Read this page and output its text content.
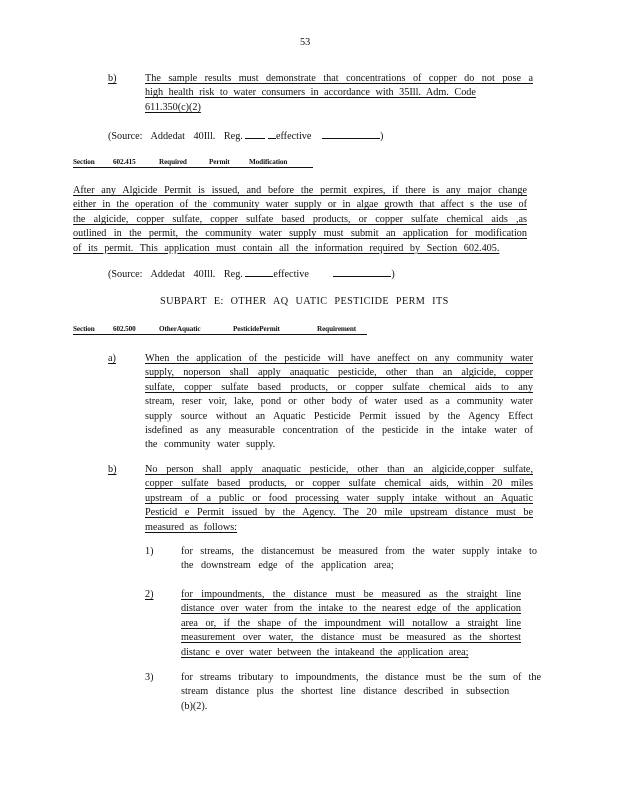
53
b)	The sample results must demonstrate that concentrations of copper do not pose a
high health risk to water consumers in accordance with 35Ill. Adm. Code
611.350(c)(2)
(Source: Addedat 40Ill. Reg.	effective	)
Section	602.415	Required	Permit	Modification
After any Algicide Permit is issued, and before the permit expires, if there is any major change
either in the operation of the community water supply or in algae growth that affect s the use of
the algicide, copper sulfate, copper sulfate based products, or copper sulfate chemical aids ,as
outlined in the permit, the community water supply must submit an application for modification
of its permit. This application must contain all the information required by Section 602.405.
(Source: Addedat 40Ill. Reg.	effective	)
SUBPART E: OTHER AQ UATIC PESTICIDE PERM ITS
Section	602.500	OtherAquatic	PesticidePermit	Requirement
a)	When the application of the pesticide will have aneffect on any community water
supply, noperson shall apply anaquatic pesticide, other than an algicide, copper
sulfate, copper sulfate based products, or copper sulfate chemical aids to any
stream, reser voir, lake, pond or other body of water used as a community water
supply source without an Aquatic Pesticide Permit issued by the Agency Effect
isdefined as any measurable concentration of the pesticide in the intake water of
the community water supply.
b)	No person shall apply anaquatic pesticide, other than an algicide,copper sulfate,
copper sulfate based products, or copper sulfate chemical aids, within 20 miles
upstream of a public or food processing water supply intake without an Aquatic
Pesticid e Permit issued by the Agency. The 20 mile upstream distance must be
measured as follows:
1)	for streams, the distancemust be measured from the water supply intake to
the downstream edge of the application area;
2)	for impoundments, the distance must be measured as the straight line
distance over water from the intake to the nearest edge of the application
area or, if the shape of the impoundment will notallow a straight line
measurement over water, the distance must be measured as the shortest
distanc e over water between the intakeand the application area;
3)	for streams tributary to impoundments, the distance must be the sum of the
stream distance plus the shortest line distance described in subsection
(b)(2).
